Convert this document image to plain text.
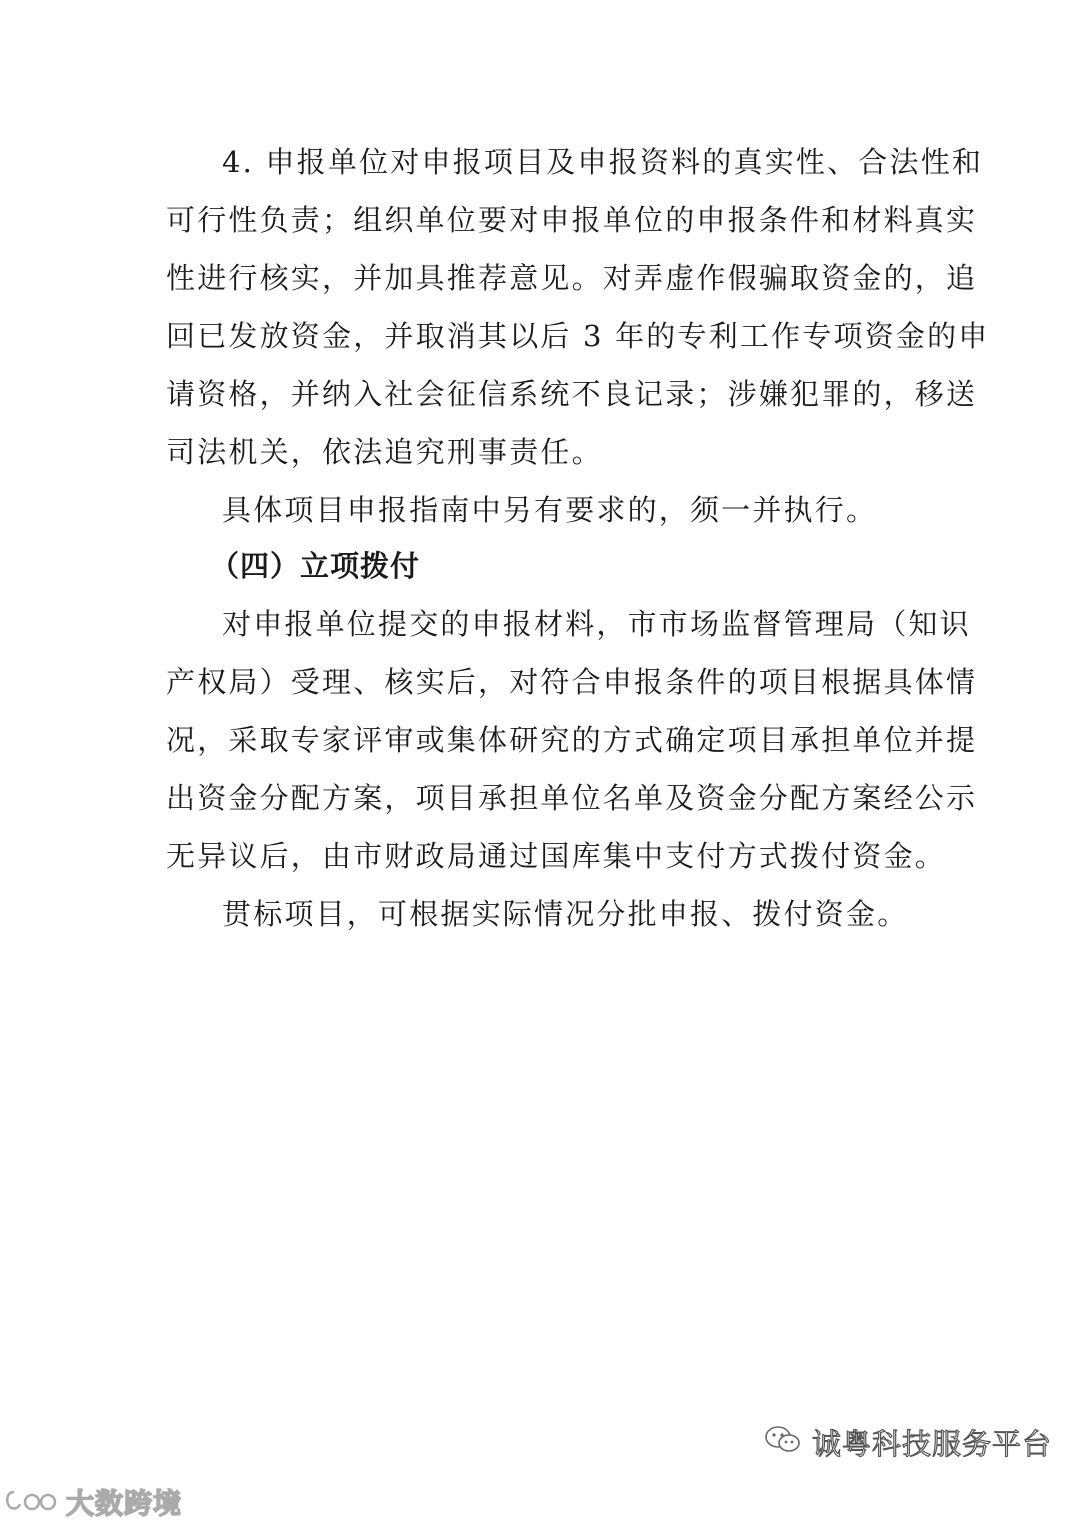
4. 申报单位对申报项目及申报资料的真实性、合法性和
可行性负责；组织单位要对申报单位的申报条件和材料真实
性进行核实，并加具推荐意见。对弄虚作假骗取资金的，追
回已发放资金，并取消其以后 3 年的专利工作专项资金的申
请资格，并纳入社会征信系统不良记录；涉嫌犯罪的，移送
司法机关，依法追究刑事责任。
具体项目申报指南中另有要求的，须一并执行。
（四）立项拨付
对申报单位提交的申报材料，市市场监督管理局（知识
产权局）受理、核实后，对符合申报条件的项目根据具体情
况，采取专家评审或集体研究的方式确定项目承担单位并提
出资金分配方案，项目承担单位名单及资金分配方案经公示
无异议后，由市财政局通过国库集中支付方式拨付资金。
贯标项目，可根据实际情况分批申报、拨付资金。
诚粤科技服务平台
大数跨境
